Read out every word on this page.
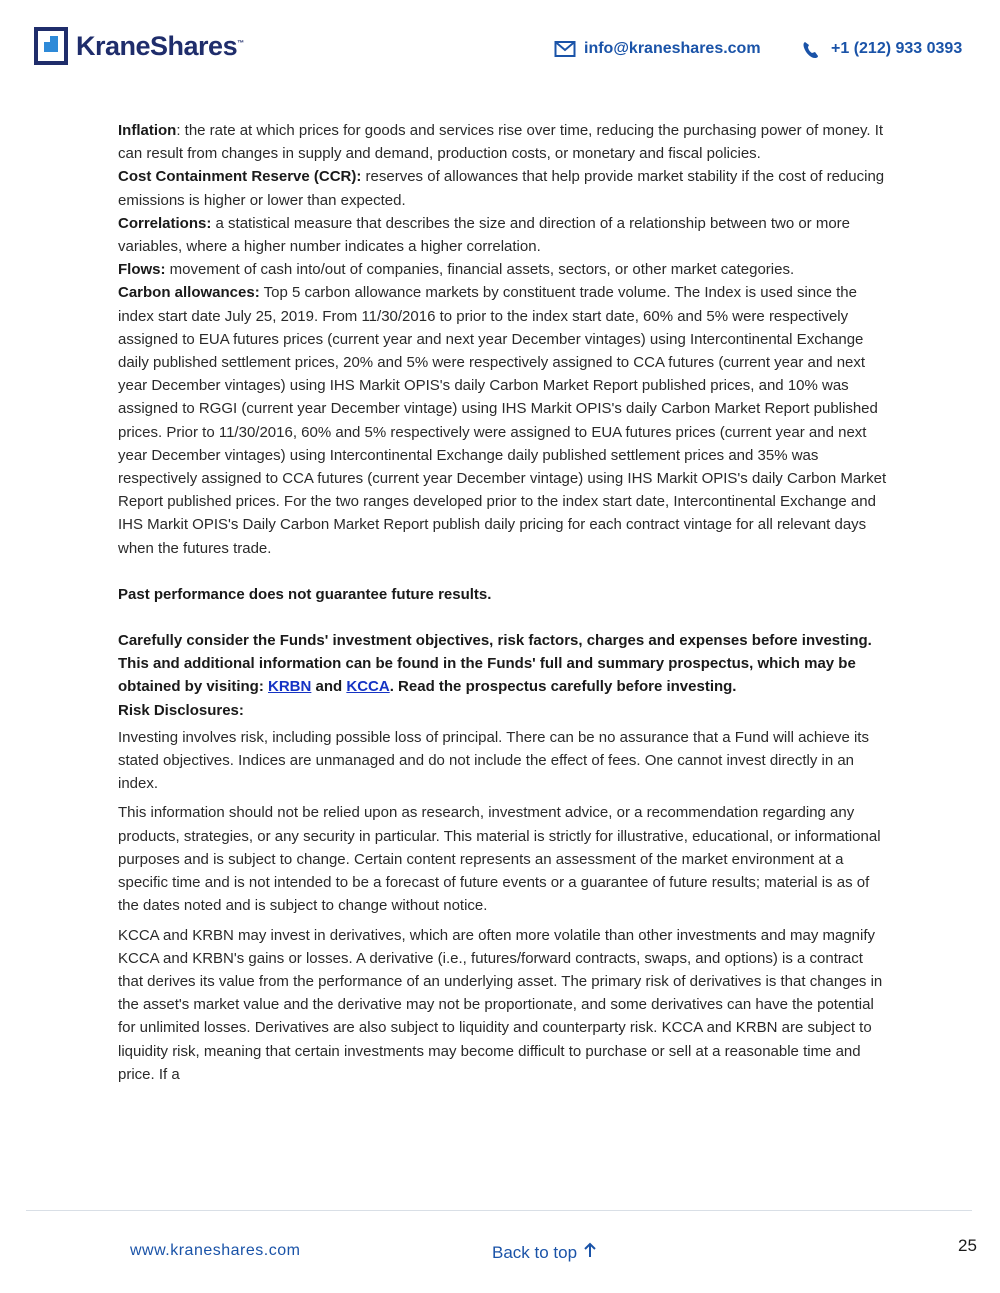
KraneShares™	info@kraneshares.com	+1 (212) 933 0393

Inflation: the rate at which prices for goods and services rise over time, reducing the purchasing power of money. It can result from changes in supply and demand, production costs, or monetary and fiscal policies.

Cost Containment Reserve (CCR): reserves of allowances that help provide market stability if the cost of reducing emissions is higher or lower than expected.

Correlations: a statistical measure that describes the size and direction of a relationship between two or more variables, where a higher number indicates a higher correlation.

Flows: movement of cash into/out of companies, financial assets, sectors, or other market categories.

Carbon allowances: Top 5 carbon allowance markets by constituent trade volume. The Index is used since the index start date July 25, 2019. From 11/30/2016 to prior to the index start date, 60% and 5% were respectively assigned to EUA futures prices (current year and next year December vintages) using Intercontinental Exchange daily published settlement prices, 20% and 5% were respectively assigned to CCA futures (current year and next year December vintages) using IHS Markit OPIS's daily Carbon Market Report published prices, and 10% was assigned to RGGI (current year December vintage) using IHS Markit OPIS's daily Carbon Market Report published prices. Prior to 11/30/2016, 60% and 5% respectively were assigned to EUA futures prices (current year and next year December vintages) using Intercontinental Exchange daily published settlement prices and 35% was respectively assigned to CCA futures (current year December vintage) using IHS Markit OPIS's daily Carbon Market Report published prices. For the two ranges developed prior to the index start date, Intercontinental Exchange and IHS Markit OPIS's Daily Carbon Market Report publish daily pricing for each contract vintage for all relevant days when the futures trade.

Past performance does not guarantee future results.

Carefully consider the Funds' investment objectives, risk factors, charges and expenses before investing. This and additional information can be found in the Funds' full and summary prospectus, which may be obtained by visiting: KRBN and KCCA. Read the prospectus carefully before investing.

Risk Disclosures:

Investing involves risk, including possible loss of principal. There can be no assurance that a Fund will achieve its stated objectives. Indices are unmanaged and do not include the effect of fees. One cannot invest directly in an index.

This information should not be relied upon as research, investment advice, or a recommendation regarding any products, strategies, or any security in particular. This material is strictly for illustrative, educational, or informational purposes and is subject to change. Certain content represents an assessment of the market environment at a specific time and is not intended to be a forecast of future events or a guarantee of future results; material is as of the dates noted and is subject to change without notice.

KCCA and KRBN may invest in derivatives, which are often more volatile than other investments and may magnify KCCA and KRBN's gains or losses. A derivative (i.e., futures/forward contracts, swaps, and options) is a contract that derives its value from the performance of an underlying asset. The primary risk of derivatives is that changes in the asset's market value and the derivative may not be proportionate, and some derivatives can have the potential for unlimited losses. Derivatives are also subject to liquidity and counterparty risk. KCCA and KRBN are subject to liquidity risk, meaning that certain investments may become difficult to purchase or sell at a reasonable time and price. If a

www.kraneshares.com	Back to top	25
